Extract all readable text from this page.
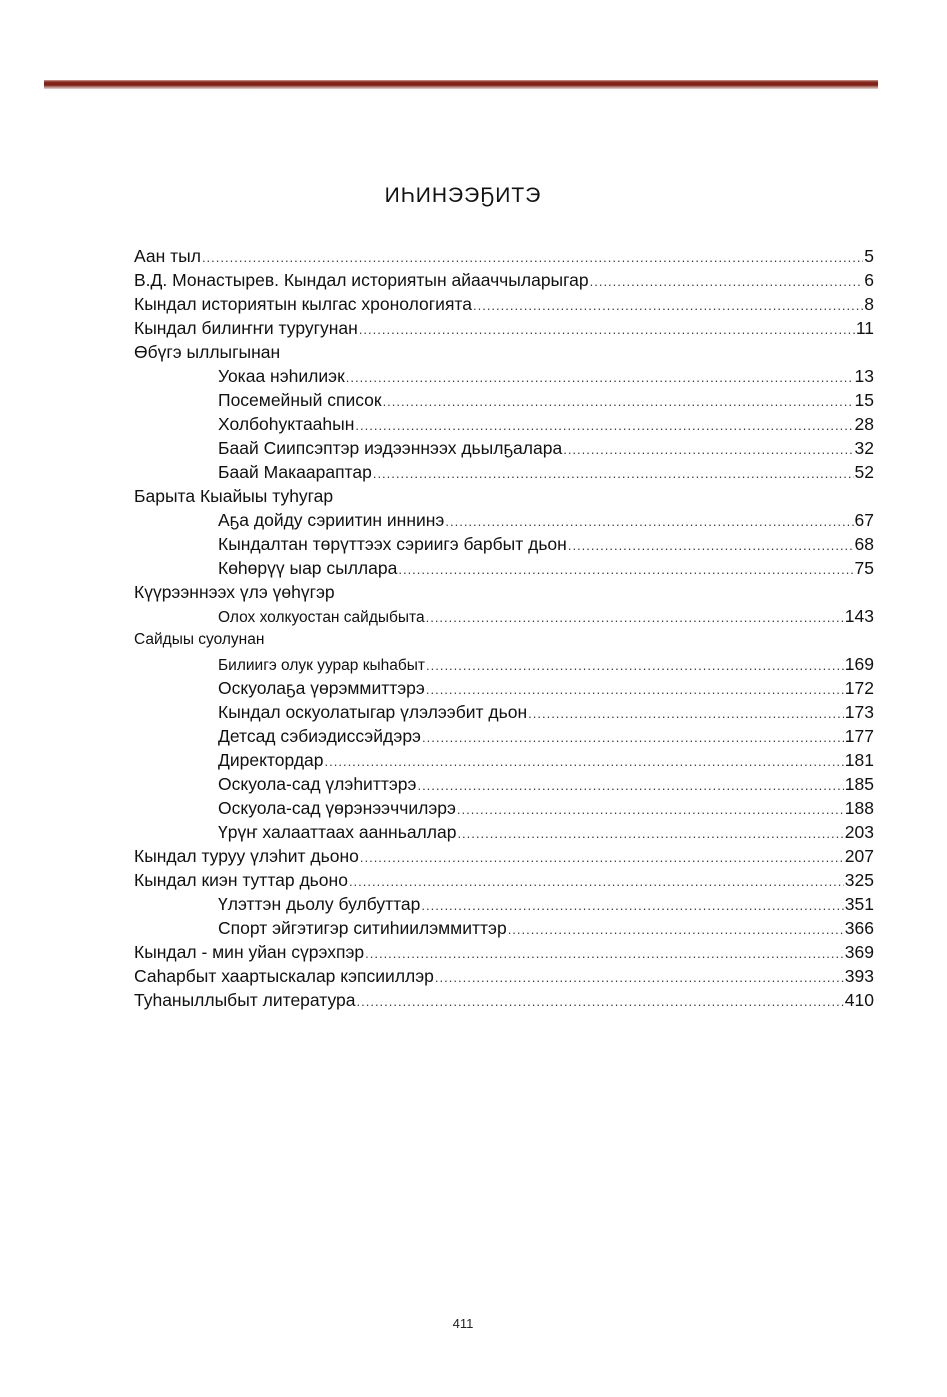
ИҺИНЭЭҔИТЭ
Аан тыл .....	5
В.Д. Монастырев. Кындал историятын айааччыларыгар .....	6
Кындал историятын кылгас хронологията .....	8
Кындал билиҥҥи туругунан .....	11
Өбүгэ ыллыгынан
Уокаа нэһилиэк .....	13
Посемейный список .....	15
Холбоһуктааһын .....	28
Баай Сиипсэптэр иэдээннээх дьылҕалара .....	32
Баай Макаараптар .....	52
Барыта Кыайыы туһугар
Аҕа дойду сэриитин иннинэ .....	67
Кындалтан төрүттээх сэриигэ барбыт дьон .....	68
Көһөрүү ыар сыллара .....	75
Күүрээннээх үлэ үөһүгэр
Олох холкуостан сайдыбыта .....	143
Сайдыы суолунан
Билиигэ олук уурар кыһабыт .....	169
Оскуолаҕа үөрэммиттэрэ .....	172
Кындал оскуолатыгар үлэлээбит дьон .....	173
Детсад сэбиэдиссэйдэрэ .....	177
Директордар .....	181
Оскуола-сад үлэһиттэрэ .....	185
Оскуола-сад үөрэнээччилэрэ .....	188
Үрүҥ халааттаах аанньаллар .....	203
Кындал туруу үлэһит дьоно .....	207
Кындал киэн туттар дьоно .....	325
Үлэттэн дьолу булбуттар .....	351
Спорт эйгэтигэр ситиһиилэммиттэр .....	366
Кындал - мин уйан сүрэхпэр .....	369
Саһарбыт хаартыскалар кэпсииллэр .....	393
Туһаныллыбыт литература .....	410
411
